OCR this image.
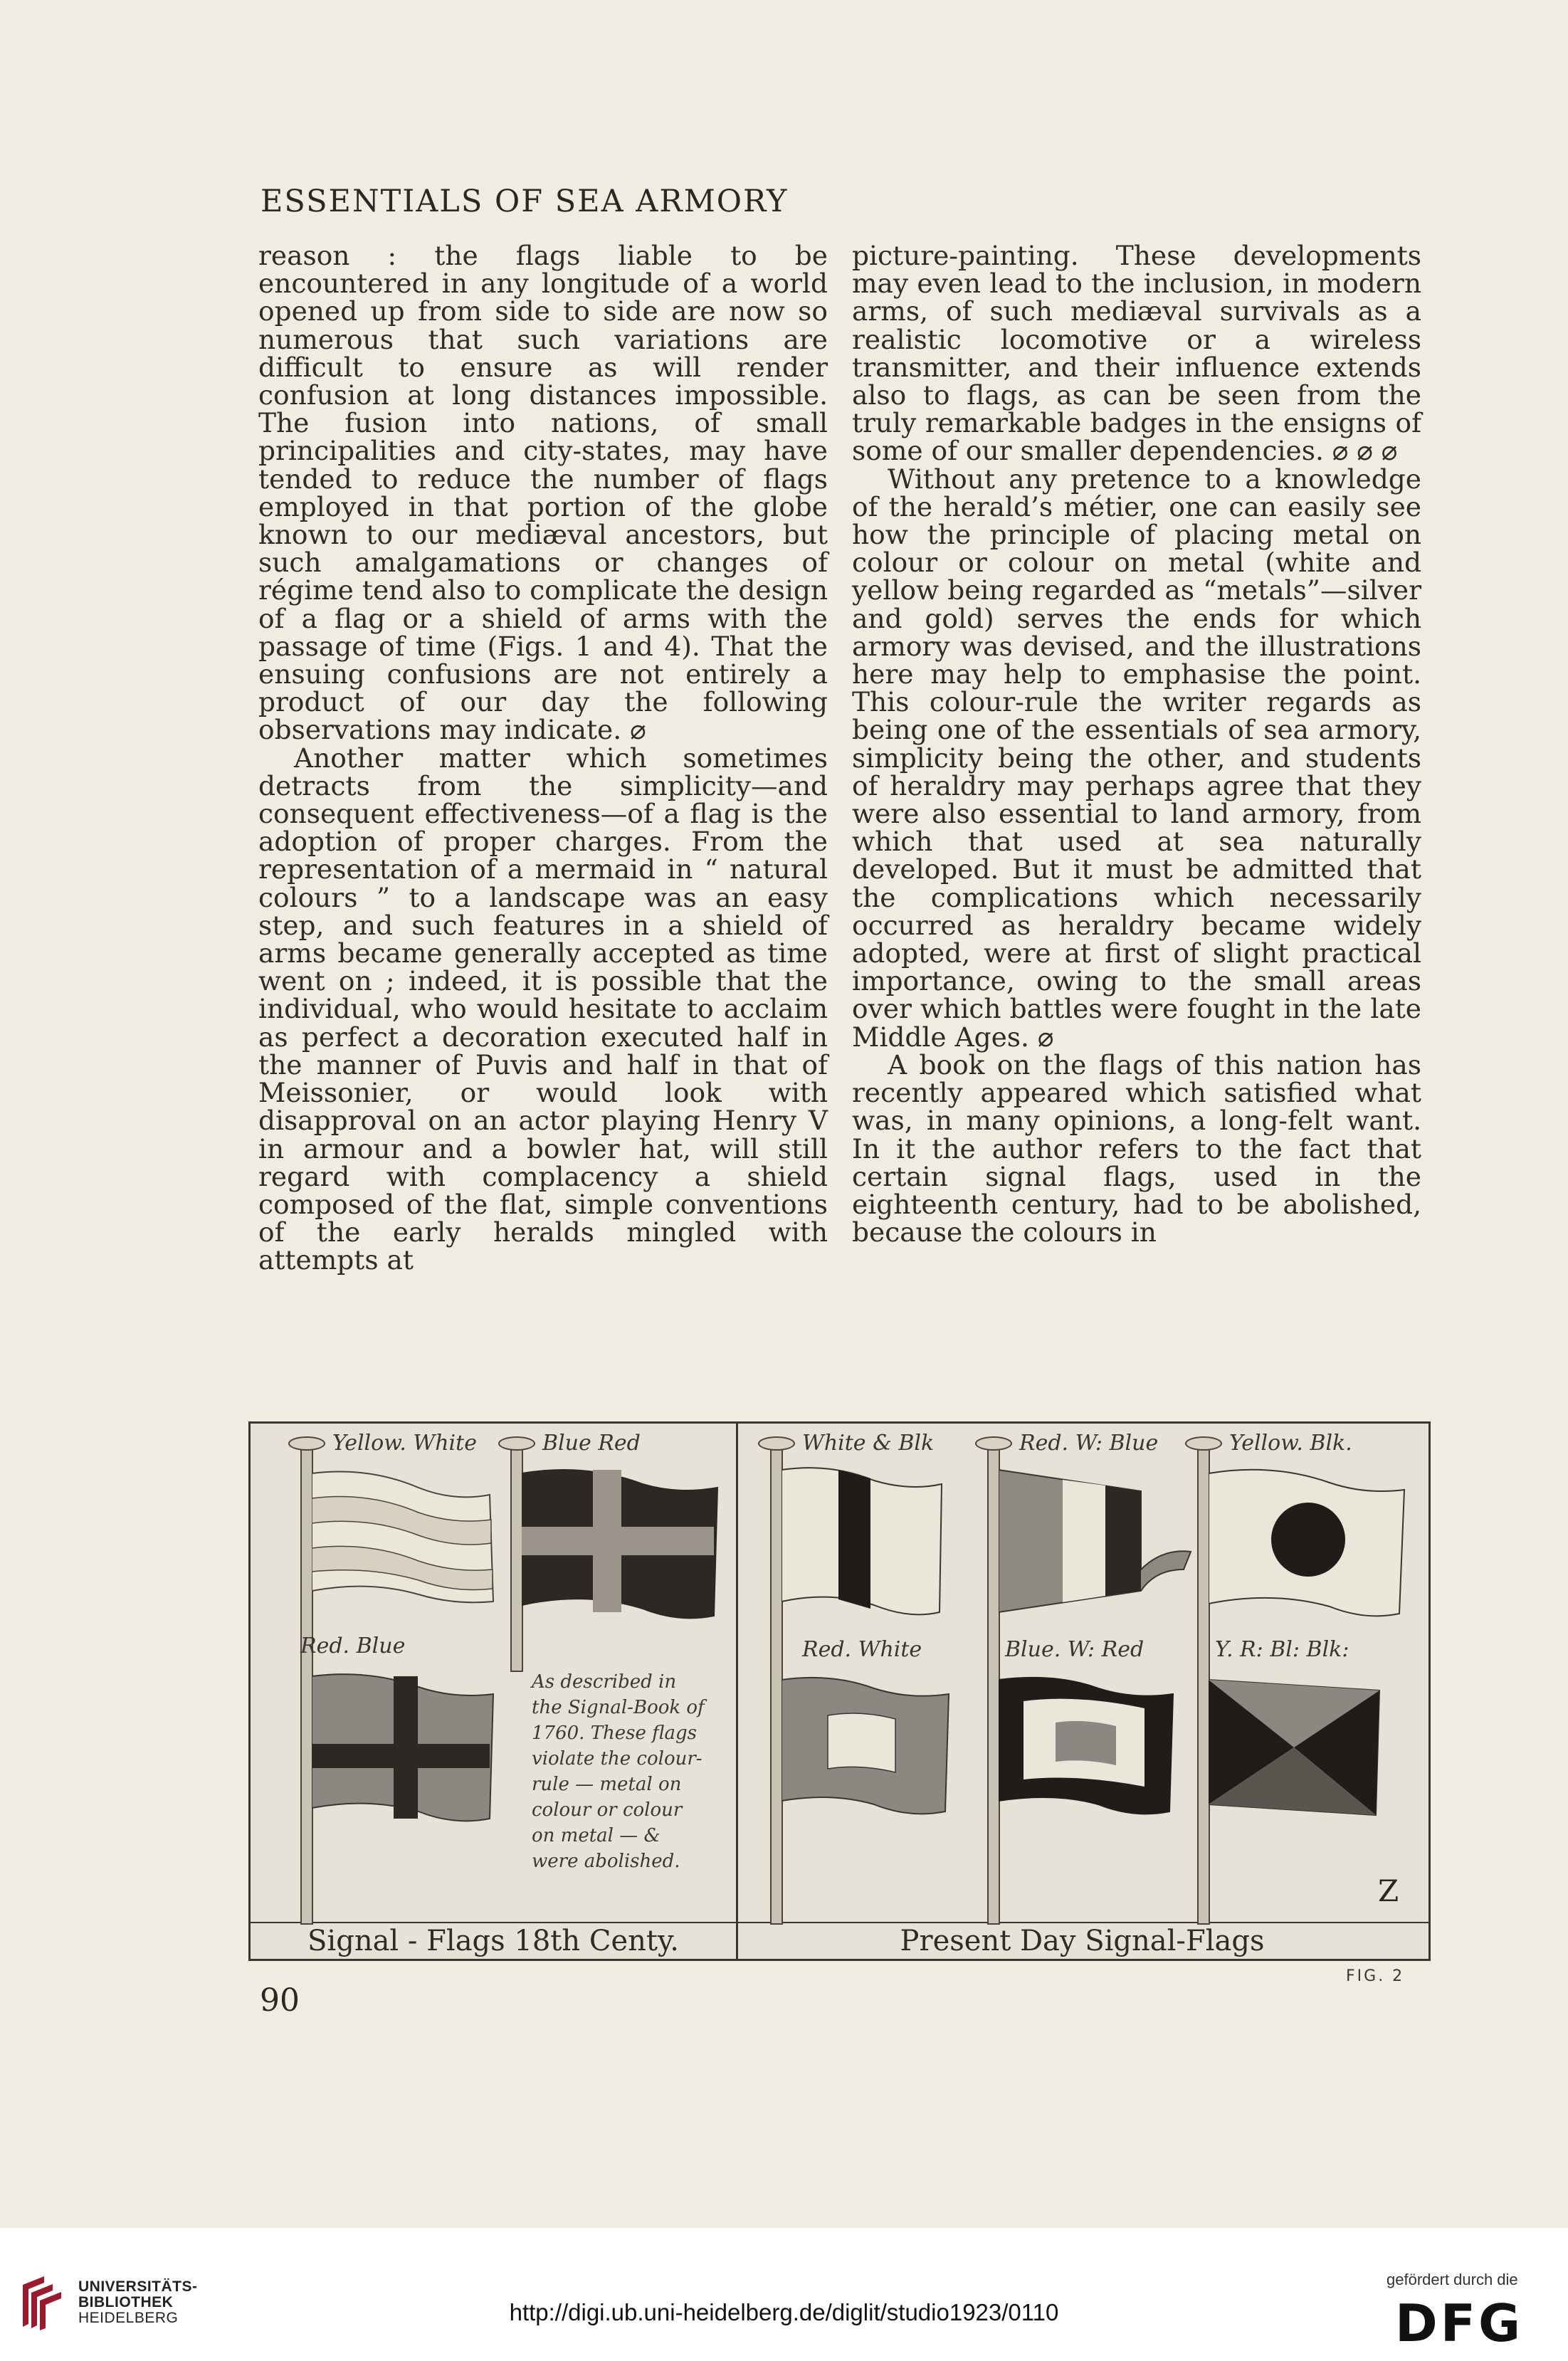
ESSENTIALS OF SEA ARMORY

reason : the flags liable to be encountered in any longitude of a world opened up from side to side are now so numerous that such variations are difficult to ensure as will render confusion at long distances impossible. The fusion into nations, of small principalities and city-states, may have tended to reduce the number of flags employed in that portion of the globe known to our mediæval ancestors, but such amalgamations or changes of régime tend also to complicate the design of a flag or a shield of arms with the passage of time (Figs. 1 and 4). That the ensuing confusions are not entirely a product of our day the following observations may indicate. ⌀

Another matter which sometimes detracts from the simplicity—and consequent effectiveness—of a flag is the adoption of proper charges. From the representation of a mermaid in “ natural colours ” to a landscape was an easy step, and such features in a shield of arms became generally accepted as time went on ; indeed, it is possible that the individual, who would hesitate to acclaim as perfect a decoration executed half in the manner of Puvis and half in that of Meissonier, or would look with disapproval on an actor playing Henry V in armour and a bowler hat, will still regard with complacency a shield composed of the flat, simple conventions of the early heralds mingled with attempts at

picture-painting. These developments may even lead to the inclusion, in modern arms, of such mediæval survivals as a realistic locomotive or a wireless transmitter, and their influence extends also to flags, as can be seen from the truly remarkable badges in the ensigns of some of our smaller dependencies. ⌀ ⌀ ⌀

Without any pretence to a knowledge of the herald’s métier, one can easily see how the principle of placing metal on colour or colour on metal (white and yellow being regarded as “metals”—silver and gold) serves the ends for which armory was devised, and the illustrations here may help to emphasise the point. This colour-rule the writer regards as being one of the essentials of sea armory, simplicity being the other, and students of heraldry may perhaps agree that they were also essential to land armory, from which that used at sea naturally developed. But it must be admitted that the complications which necessarily occurred as heraldry became widely adopted, were at first of slight practical importance, owing to the small areas over which battles were fought in the late Middle Ages. ⌀

A book on the flags of this nation has recently appeared which satisfied what was, in many opinions, a long-felt want. In it the author refers to the fact that certain signal flags, used in the eighteenth century, had to be abolished, because the colours in

Yellow. White	Blue Red
Red. Blue
As described in the Signal-Book of 1760. These flags violate the colour-rule — metal on colour or colour on metal — & were abolished.
White & Blk	Red. W: Blue	Yellow. Blk.
Red. White	Blue. W: Red	Y. R: Bl: Blk:
Z
Signal - Flags 18th Centy.	Present Day Signal-Flags
FIG. 2
90
UNIVERSITÄTS-
BIBLIOTHEK
HEIDELBERG	http://digi.ub.uni-heidelberg.de/diglit/studio1923/0110
gefördert durch die
DFG
